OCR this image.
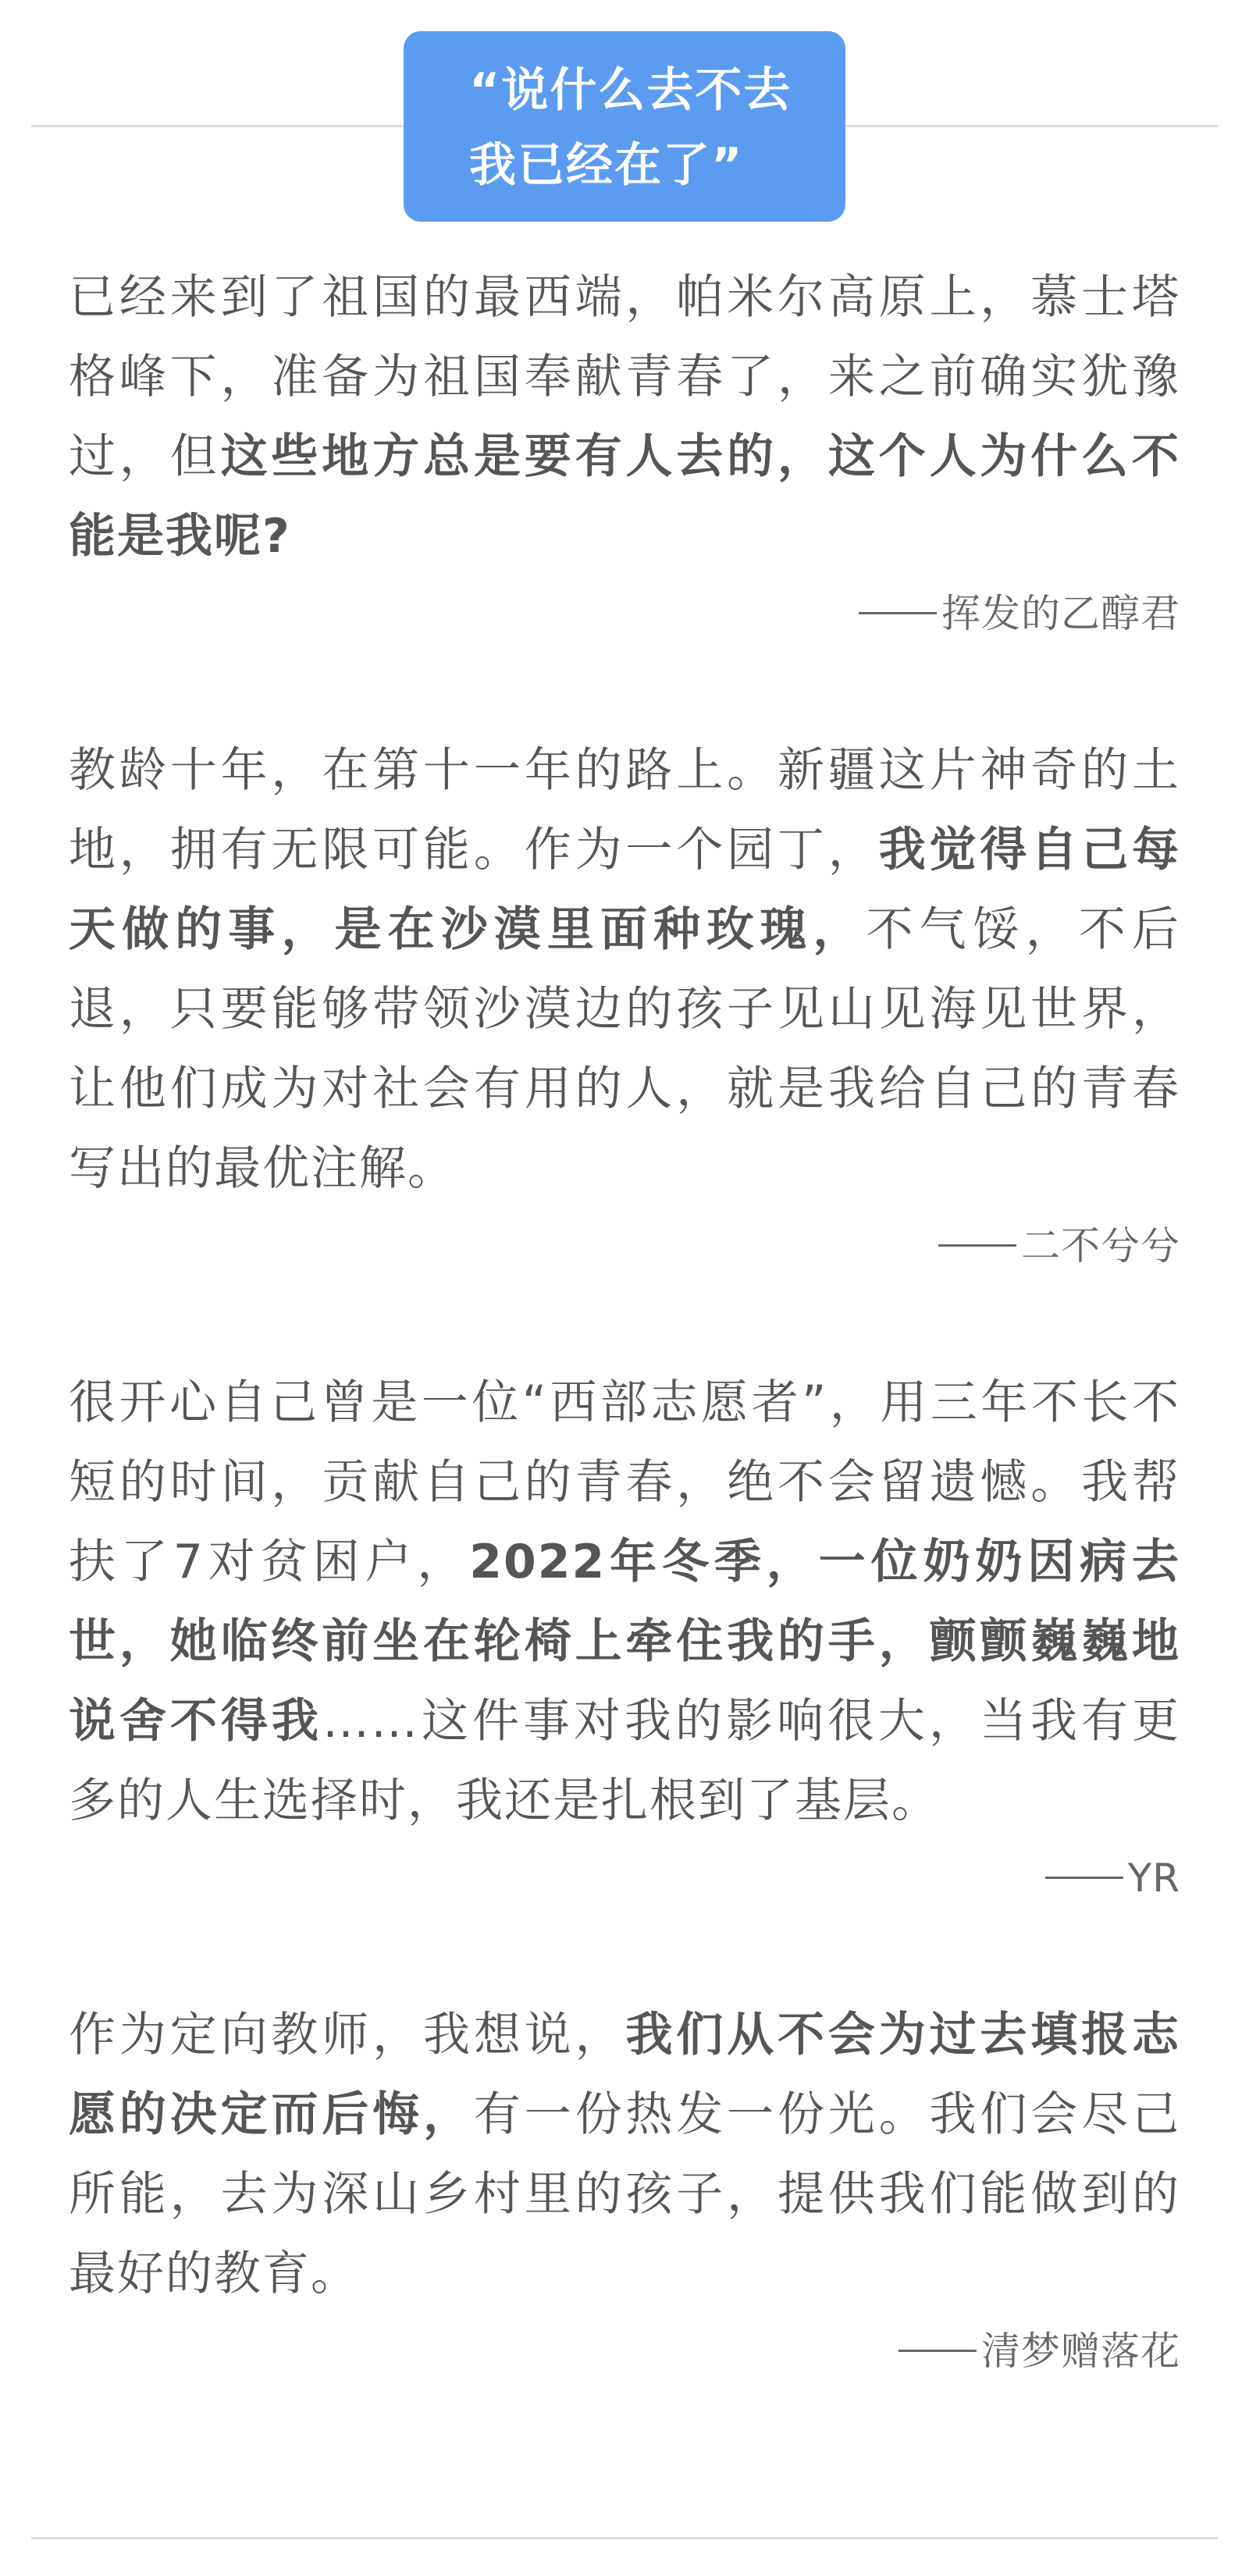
“说什么去不去
我已经在了”

已经来到了祖国的最西端，帕米尔高原上，慕士塔格峰下，准备为祖国奉献青春了，来之前确实犹豫过，但这些地方总是要有人去的，这个人为什么不能是我呢?

挥发的乙醇君

教龄十年，在第十一年的路上。新疆这片神奇的土地，拥有无限可能。作为一个园丁，我觉得自己每天做的事，是在沙漠里面种玫瑰，不气馁，不后退，只要能够带领沙漠边的孩子见山见海见世界，让他们成为对社会有用的人，就是我给自己的青春写出的最优注解。

二不兮兮

很开心自己曾是一位“西部志愿者”，用三年不长不短的时间，贡献自己的青春，绝不会留遗憾。我帮扶了7对贫困户，2022年冬季，一位奶奶因病去世，她临终前坐在轮椅上牵住我的手，颤颤巍巍地说舍不得我……这件事对我的影响很大，当我有更多的人生选择时，我还是扎根到了基层。

YR

作为定向教师，我想说，我们从不会为过去填报志愿的决定而后悔，有一份热发一份光。我们会尽己所能，去为深山乡村里的孩子，提供我们能做到的最好的教育。

清梦赠落花
